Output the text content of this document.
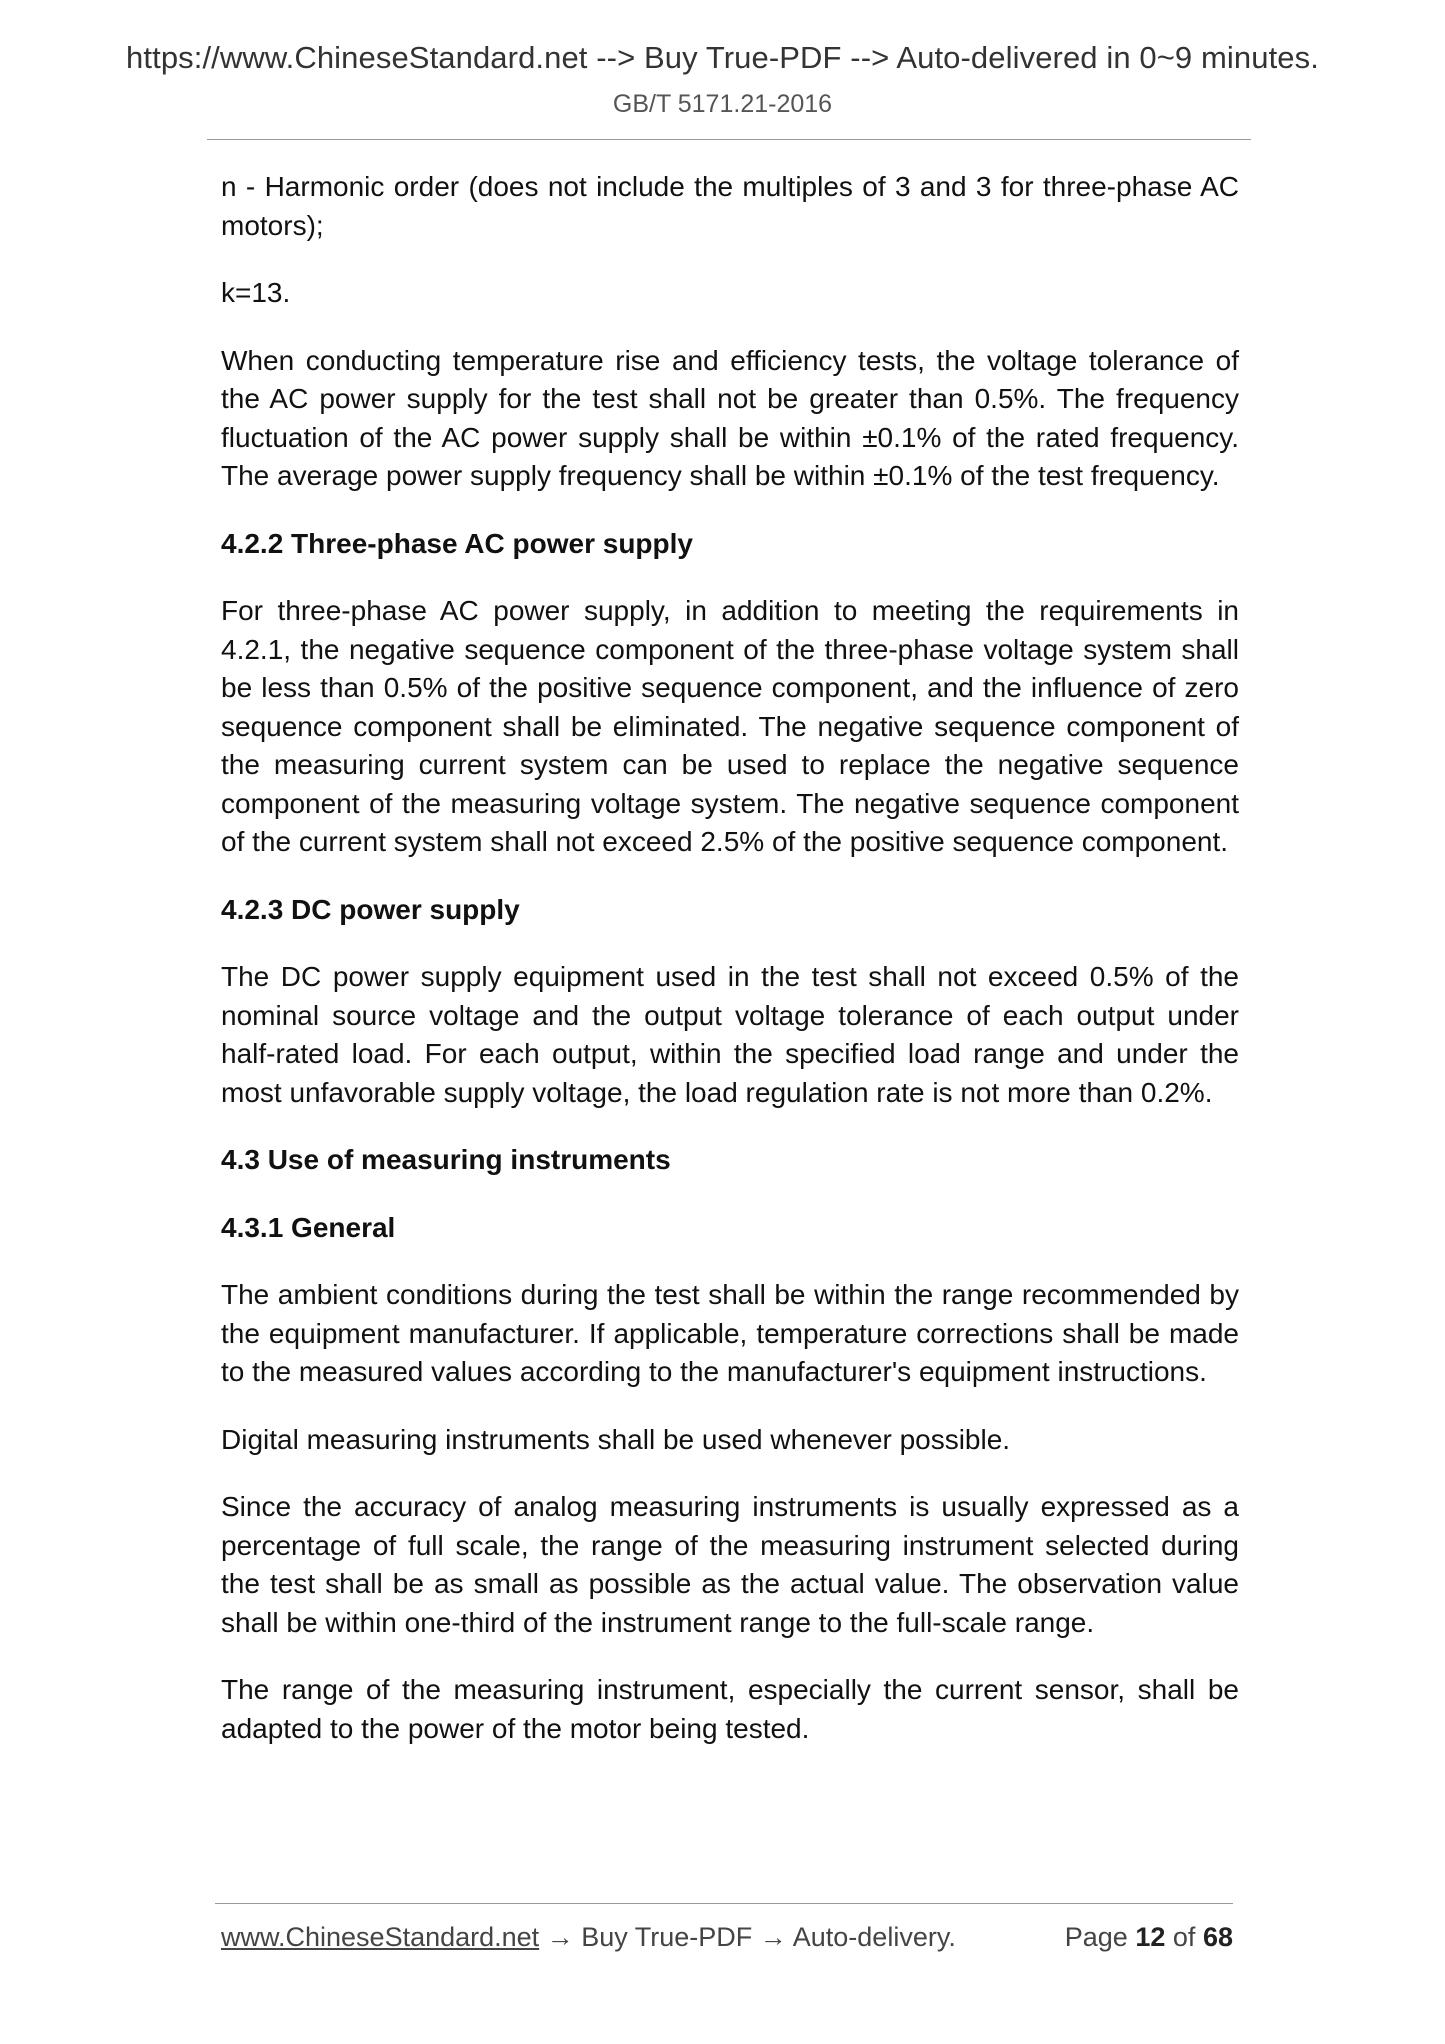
https://www.ChineseStandard.net --> Buy True-PDF --> Auto-delivered in 0~9 minutes.
GB/T 5171.21-2016

n - Harmonic order (does not include the multiples of 3 and 3 for three-phase AC motors);

k=13.

When conducting temperature rise and efficiency tests, the voltage tolerance of the AC power supply for the test shall not be greater than 0.5%. The frequency fluctuation of the AC power supply shall be within ±0.1% of the rated frequency. The average power supply frequency shall be within ±0.1% of the test frequency.

4.2.2 Three-phase AC power supply

For three-phase AC power supply, in addition to meeting the requirements in 4.2.1, the negative sequence component of the three-phase voltage system shall be less than 0.5% of the positive sequence component, and the influence of zero sequence component shall be eliminated. The negative sequence component of the measuring current system can be used to replace the negative sequence component of the measuring voltage system. The negative sequence component of the current system shall not exceed 2.5% of the positive sequence component.

4.2.3 DC power supply

The DC power supply equipment used in the test shall not exceed 0.5% of the nominal source voltage and the output voltage tolerance of each output under half-rated load. For each output, within the specified load range and under the most unfavorable supply voltage, the load regulation rate is not more than 0.2%.

4.3 Use of measuring instruments
4.3.1 General

The ambient conditions during the test shall be within the range recommended by the equipment manufacturer. If applicable, temperature corrections shall be made to the measured values according to the manufacturer's equipment instructions.

Digital measuring instruments shall be used whenever possible.

Since the accuracy of analog measuring instruments is usually expressed as a percentage of full scale, the range of the measuring instrument selected during the test shall be as small as possible as the actual value. The observation value shall be within one-third of the instrument range to the full-scale range.

The range of the measuring instrument, especially the current sensor, shall be adapted to the power of the motor being tested.

www.ChineseStandard.net → Buy True-PDF → Auto-delivery.	Page 12 of 68
